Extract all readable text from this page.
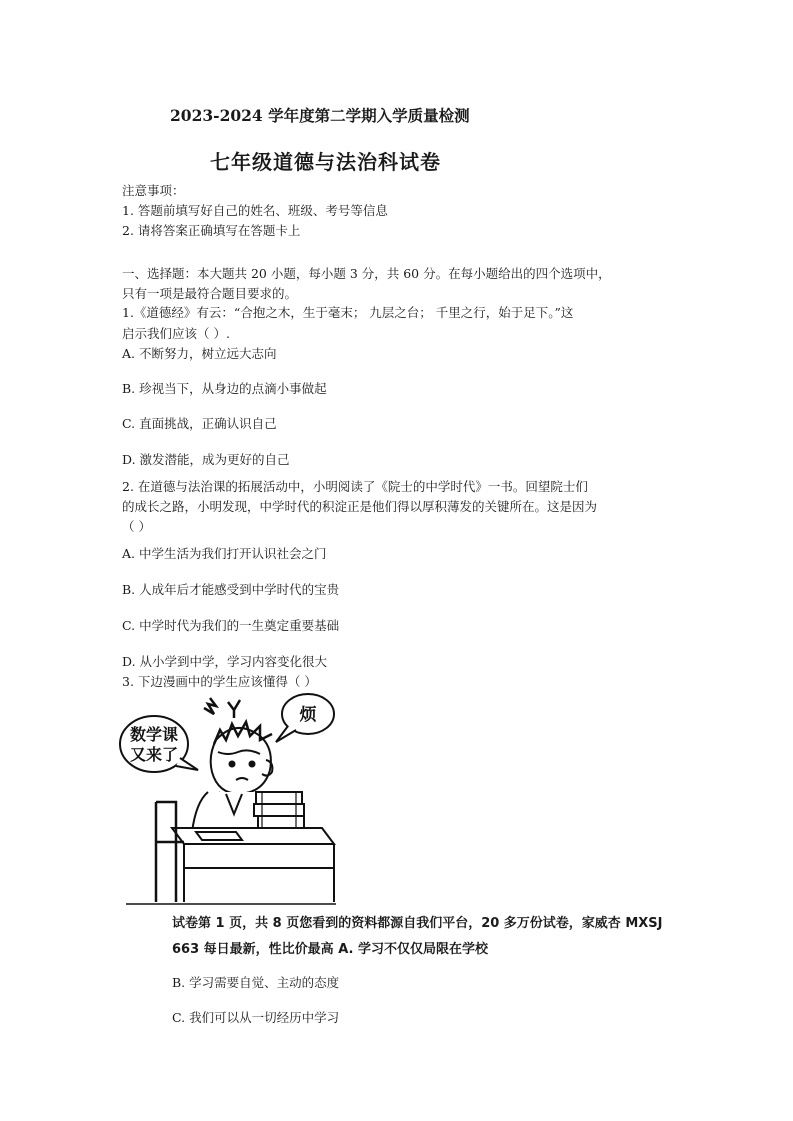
2023-2024 学年度第二学期入学质量检测
七年级道德与法治科试卷
注意事项：
1. 答题前填写好自己的姓名、班级、考号等信息
2. 请将答案正确填写在答题卡上
一、选择题：本大题共 20 小题，每小题 3 分，共 60 分。在每小题给出的四个选项中，
只有一项是最符合题目要求的。
1.《道德经》有云：“合抱之木，生于毫末； 九层之台； 千里之行，始于足下。”这
启示我们应该（ ）.
A. 不断努力，树立远大志向
B. 珍视当下，从身边的点滴小事做起
C. 直面挑战，正确认识自己
D. 激发潜能，成为更好的自己
2. 在道德与法治课的拓展活动中，小明阅读了《院士的中学时代》一书。回望院士们
的成长之路，小明发现，中学时代的积淀正是他们得以厚积薄发的关键所在。这是因为
（ ）
A. 中学生活为我们打开认识社会之门
B. 人成年后才能感受到中学时代的宝贵
C. 中学时代为我们的一生奠定重要基础
D. 从小学到中学，学习内容变化很大
3. 下边漫画中的学生应该懂得（ ）
数学课又来了
烦
试卷第 1 页，共 8 页您看到的资料都源自我们平台，20 多万份试卷，家威杏 MXSJ
663 每日最新，性比价最高 A. 学习不仅仅局限在学校
B. 学习需要自觉、主动的态度
C. 我们可以从一切经历中学习
